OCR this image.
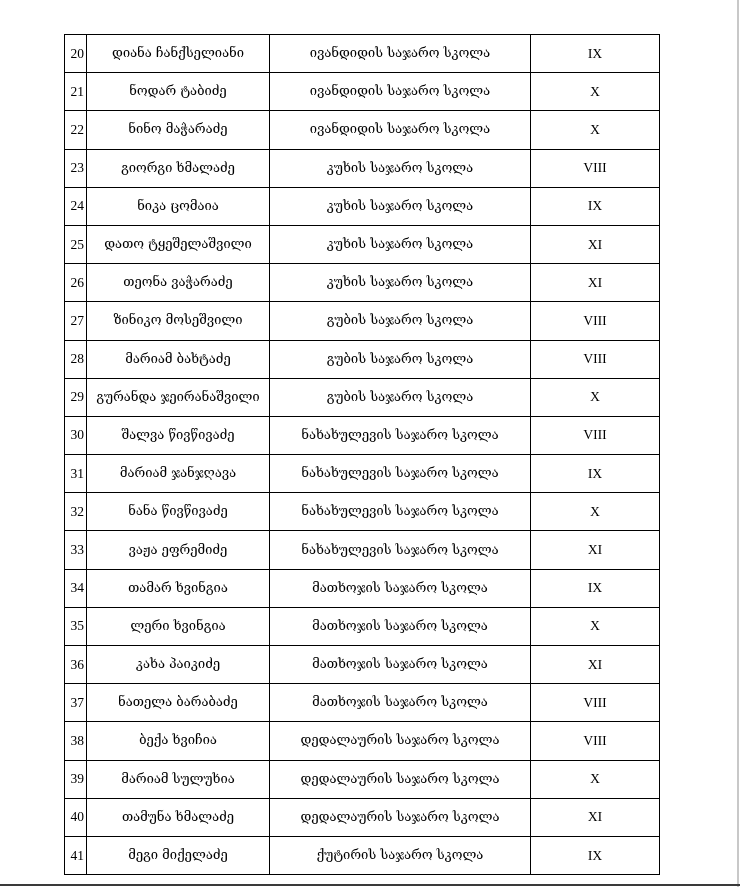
20	დიანა ჩანქსელიანი	ივანდიდის საჯარო სკოლა	IX
21	ნოდარ ტაბიძე	ივანდიდის საჯარო სკოლა	X
22	ნინო მაჭარაძე	ივანდიდის საჯარო სკოლა	X
23	გიორგი ხმალაძე	კუხის საჯარო სკოლა	VIII
24	ნიკა ცომაია	კუხის საჯარო სკოლა	IX
25	დათო ტყეშელაშვილი	კუხის საჯარო სკოლა	XI
26	თეონა ვაჭარაძე	კუხის საჯარო სკოლა	XI
27	ზინიკო მოსეშვილი	გუბის საჯარო სკოლა	VIII
28	მარიამ ბახტაძე	გუბის საჯარო სკოლა	VIII
29	გურანდა ჯეირანაშვილი	გუბის საჯარო სკოლა	X
30	შალვა წივწივაძე	ნახახულევის საჯარო სკოლა	VIII
31	მარიამ ჯანჯღავა	ნახახულევის საჯარო სკოლა	IX
32	ნანა წივწივაძე	ნახახულევის საჯარო სკოლა	X
33	ვაჟა ეფრემიძე	ნახახულევის საჯარო სკოლა	XI
34	თამარ ხვინგია	მათხოჯის საჯარო სკოლა	IX
35	ლერი ხვინგია	მათხოჯის საჯარო სკოლა	X
36	კახა პაიკიძე	მათხოჯის საჯარო სკოლა	XI
37	ნათელა ბარაბაძე	მათხოჯის საჯარო სკოლა	VIII
38	ბექა ხვიჩია	დედალაურის საჯარო სკოლა	VIII
39	მარიამ სულუხია	დედალაურის საჯარო სკოლა	X
40	თამუნა ხმალაძე	დედალაურის საჯარო სკოლა	XI
41	მეგი მიქელაძე	ქუტირის საჯარო სკოლა	IX
